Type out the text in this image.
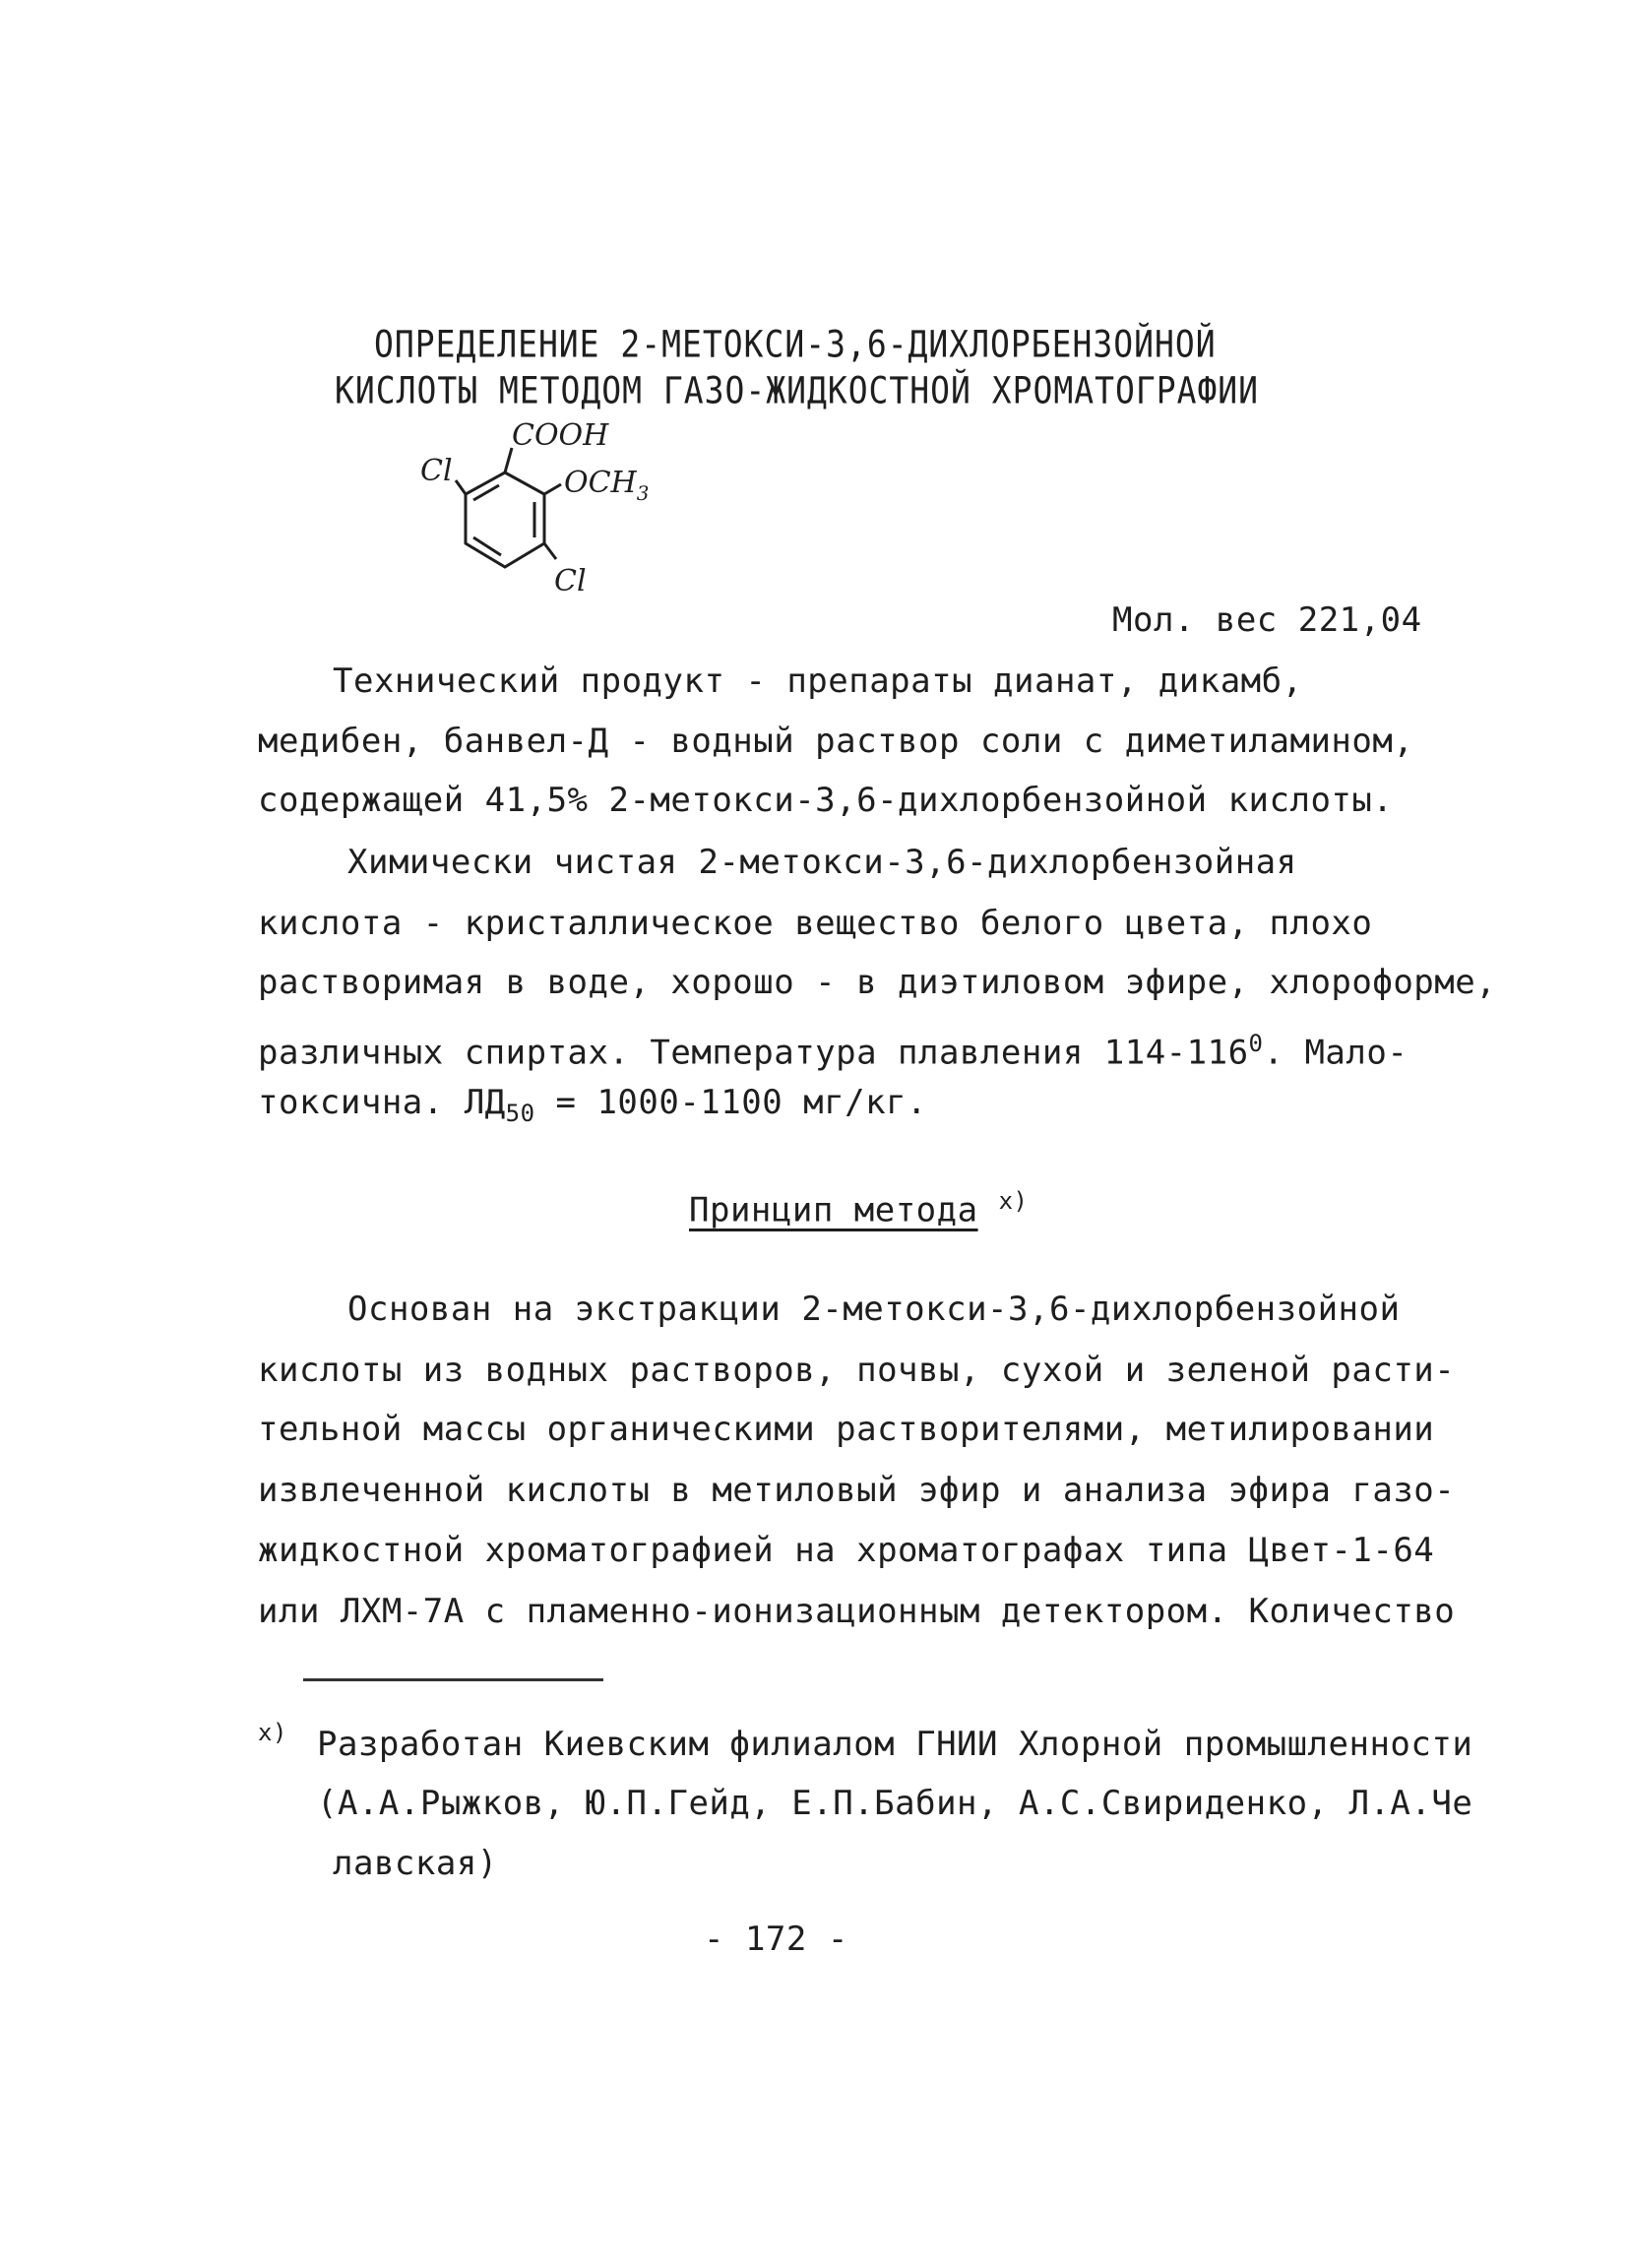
ОПРЕДЕЛЕНИЕ 2-МЕТОКСИ-3,6-ДИХЛОРБЕНЗОЙНОЙ
КИСЛОТЫ МЕТОДОМ ГАЗО-ЖИДКОСТНОЙ ХРОМАТОГРАФИИ
COOH
$OCH_3$
Cl
Cl
Мол. вес 221,04
Технический продукт - препараты дианат, дикамб,
медибен, банвел-Д - водный раствор соли с диметиламином,
содержащей 41,5% 2-метокси-3,6-дихлорбензойной кислоты.
Химически чистая 2-метокси-3,6-дихлорбензойная
кислота - кристаллическое вещество белого цвета, плохо
растворимая в воде, хорошо - в диэтиловом эфире, хлороформе,
различных спиртах. Температура плавления $114-116^0$. Мало-
токсична. $ЛД_{50} = 1000-1100$ мг/кг.
Принцип метода $^{x)}$
Основан на экстракции 2-метокси-3,6-дихлорбензойной
кислоты из водных растворов, почвы, сухой и зеленой расти-
тельной массы органическими растворителями, метилировании
извлеченной кислоты в метиловый эфир и анализа эфира газо-
жидкостной хроматографией на хроматографах типа Цвет-1-64
или ЛХМ-7А с пламенно-ионизационным детектором. Количество
$^{x)}$ Разработан Киевским филиалом ГНИИ Хлорной промышленности
(А.А.Рыжков, Ю.П.Гейд, Е.П.Бабин, А.С.Свириденко, Л.А.Че
лавская)
- 172 -
